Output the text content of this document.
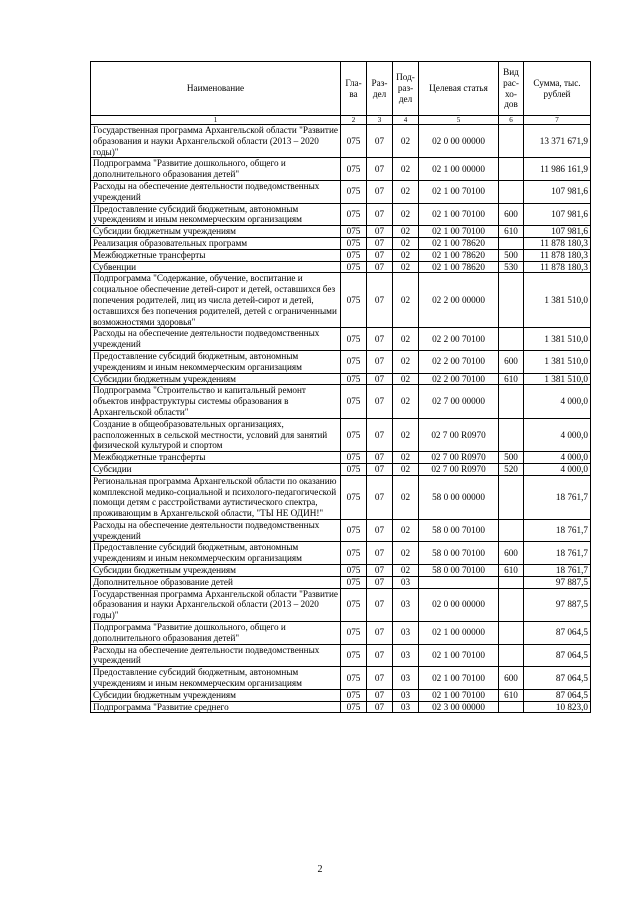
Наименование	Гла-ва	Раз-дел	Под-раз-дел	Целевая статья	Вид рас-хо-дов	Сумма, тыс. рублей
1	2	3	4	5	6	7
Государственная программа Архангельской области "Развитие образования и науки Архангельской области (2013 – 2020 годы)"	075	07	02	02 0 00 00000		13 371 671,9
Подпрограмма "Развитие дошкольного, общего и дополнительного образования детей"	075	07	02	02 1 00 00000		11 986 161,9
Расходы на обеспечение деятельности подведомственных учреждений	075	07	02	02 1 00 70100		107 981,6
Предоставление субсидий бюджетным, автономным учреждениям и иным некоммерческим организациям	075	07	02	02 1 00 70100	600	107 981,6
Субсидии бюджетным учреждениям	075	07	02	02 1 00 70100	610	107 981,6
Реализация образовательных программ	075	07	02	02 1 00 78620		11 878 180,3
Межбюджетные трансферты	075	07	02	02 1 00 78620	500	11 878 180,3
Субвенции	075	07	02	02 1 00 78620	530	11 878 180,3
Подпрограмма "Содержание, обучение, воспитание и социальное обеспечение детей-сирот и детей, оставшихся без попечения родителей, лиц из числа детей-сирот и детей, оставшихся без попечения родителей, детей с ограниченными возможностями здоровья"	075	07	02	02 2 00 00000		1 381 510,0
Расходы на обеспечение деятельности подведомственных учреждений	075	07	02	02 2 00 70100		1 381 510,0
Предоставление субсидий бюджетным, автономным учреждениям и иным некоммерческим организациям	075	07	02	02 2 00 70100	600	1 381 510,0
Субсидии бюджетным учреждениям	075	07	02	02 2 00 70100	610	1 381 510,0
Подпрограмма "Строительство и капитальный ремонт объектов инфраструктуры системы образования в Архангельской области"	075	07	02	02 7 00 00000		4 000,0
Создание в общеобразовательных организациях, расположенных в сельской местности, условий для занятий физической культурой и спортом	075	07	02	02 7 00 R0970		4 000,0
Межбюджетные трансферты	075	07	02	02 7 00 R0970	500	4 000,0
Субсидии	075	07	02	02 7 00 R0970	520	4 000,0
Региональная программа Архангельской области по оказанию комплексной медико-социальной и психолого-педагогической помощи детям с расстройствами аутистического спектра, проживающим в Архангельской области, "ТЫ НЕ ОДИН!"	075	07	02	58 0 00 00000		18 761,7
Расходы на обеспечение деятельности подведомственных учреждений	075	07	02	58 0 00 70100		18 761,7
Предоставление субсидий бюджетным, автономным учреждениям и иным некоммерческим организациям	075	07	02	58 0 00 70100	600	18 761,7
Субсидии бюджетным учреждениям	075	07	02	58 0 00 70100	610	18 761,7
Дополнительное образование детей	075	07	03			97 887,5
Государственная программа Архангельской области "Развитие образования и науки Архангельской области (2013 – 2020 годы)"	075	07	03	02 0 00 00000		97 887,5
Подпрограмма "Развитие дошкольного, общего и дополнительного образования детей"	075	07	03	02 1 00 00000		87 064,5
Расходы на обеспечение деятельности подведомственных учреждений	075	07	03	02 1 00 70100		87 064,5
Предоставление субсидий бюджетным, автономным учреждениям и иным некоммерческим организациям	075	07	03	02 1 00 70100	600	87 064,5
Субсидии бюджетным учреждениям	075	07	03	02 1 00 70100	610	87 064,5
Подпрограмма "Развитие среднего	075	07	03	02 3 00 00000		10 823,0
2
